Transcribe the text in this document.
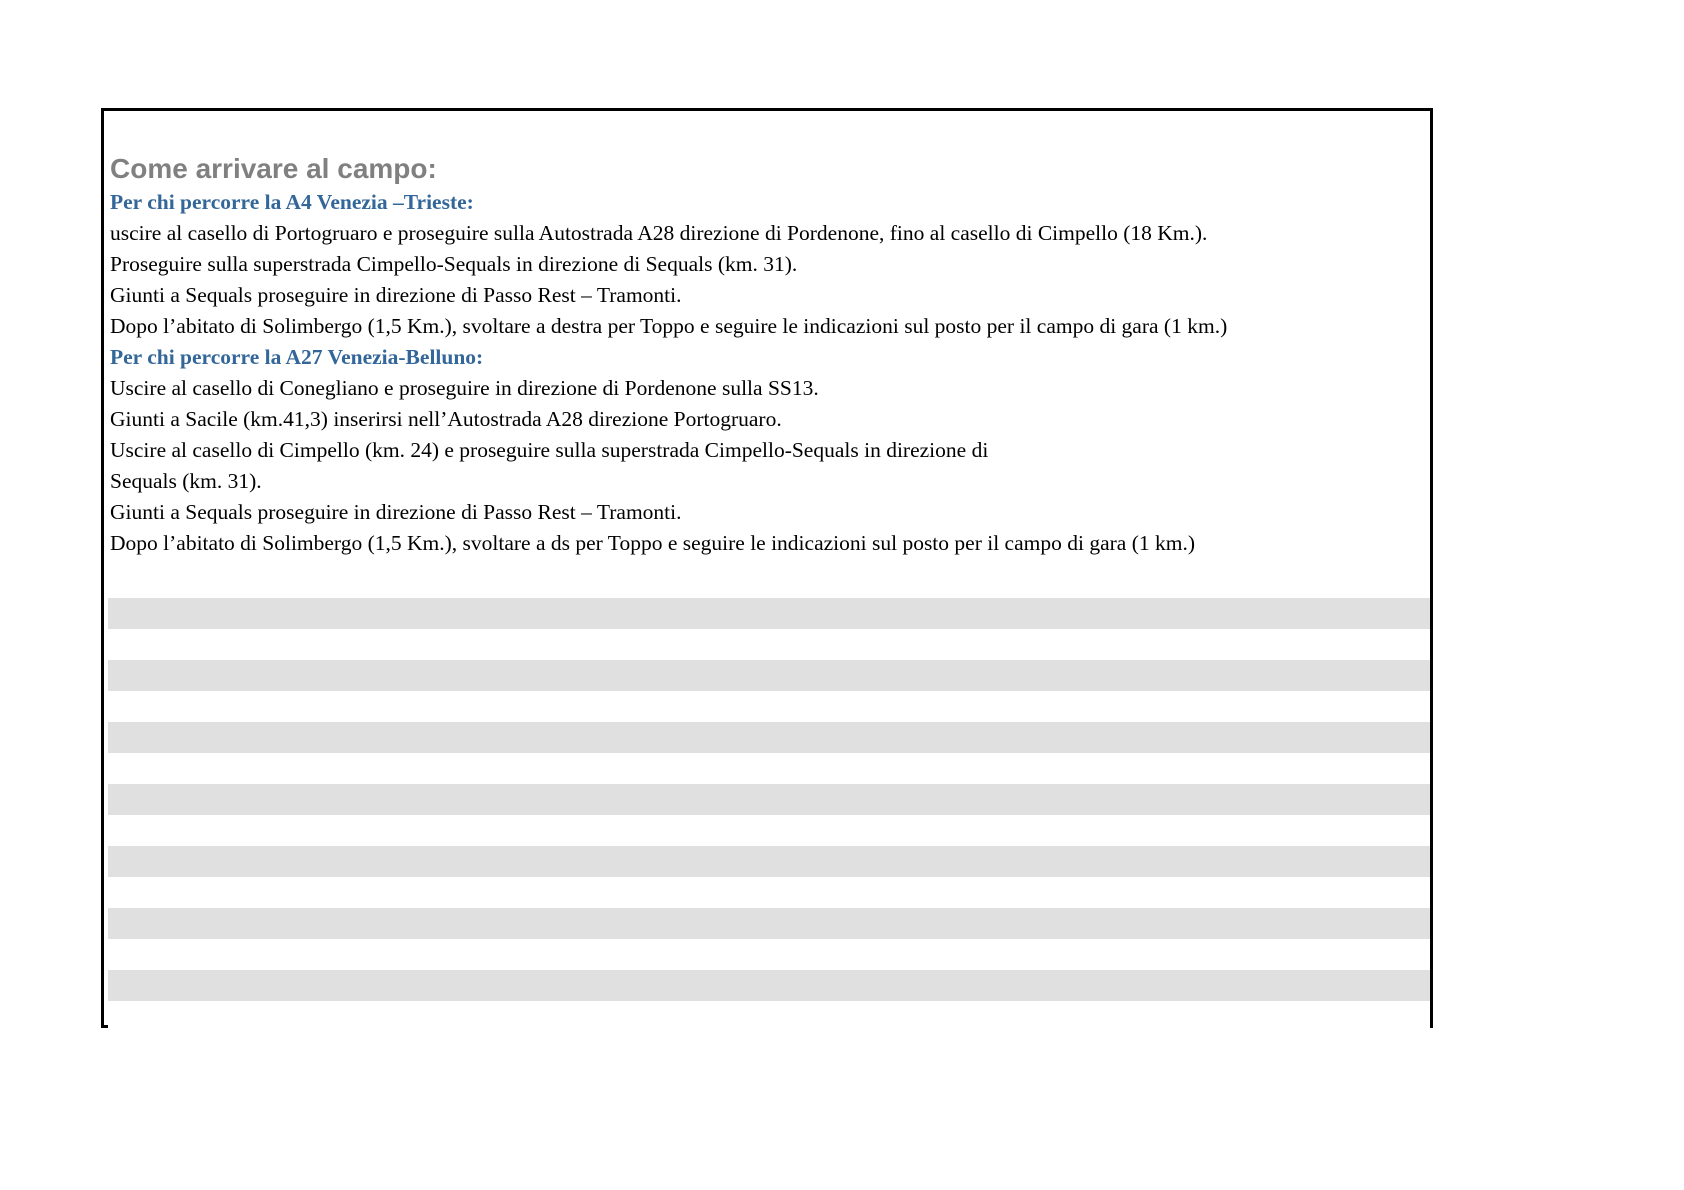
Come arrivare al campo:
Per chi percorre la A4 Venezia –Trieste:
uscire al casello di Portogruaro e proseguire sulla Autostrada A28 direzione di Pordenone, fino al casello di Cimpello (18 Km.).
Proseguire sulla superstrada Cimpello-Sequals in direzione di Sequals (km. 31).
Giunti a Sequals proseguire in direzione di Passo Rest – Tramonti.
Dopo l’abitato di Solimbergo (1,5 Km.), svoltare a destra per Toppo e seguire le indicazioni sul posto per il campo di gara (1 km.)
Per chi percorre la A27 Venezia-Belluno:
Uscire al casello di Conegliano e proseguire in direzione di Pordenone sulla SS13.
Giunti a Sacile (km.41,3) inserirsi nell’Autostrada A28 direzione Portogruaro.
Uscire al casello di Cimpello (km. 24) e proseguire sulla superstrada Cimpello-Sequals in direzione di
Sequals (km. 31).
Giunti a Sequals proseguire in direzione di Passo Rest – Tramonti.
Dopo l’abitato di Solimbergo (1,5 Km.), svoltare a ds per Toppo e seguire le indicazioni sul posto per il campo di gara (1 km.)
